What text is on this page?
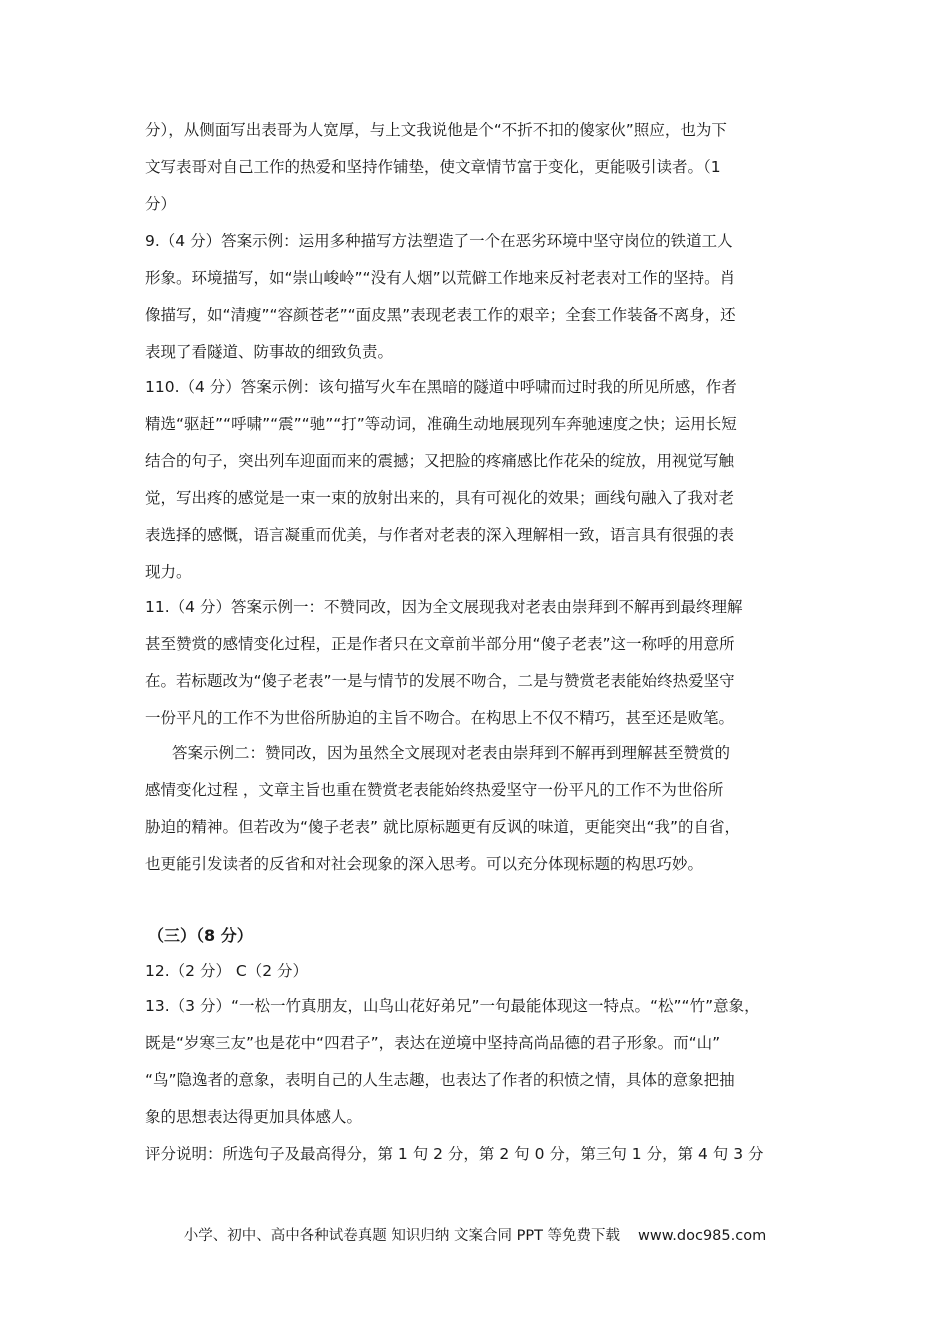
分），从侧面写出表哥为人宽厚，与上文我说他是个“不折不扣的傻家伙”照应，也为下
文写表哥对自己工作的热爱和坚持作铺垫，使文章情节富于变化，更能吸引读者。（1
分）
9.（4 分）答案示例：运用多种描写方法塑造了一个在恶劣环境中坚守岗位的铁道工人
形象。环境描写，如“崇山峻岭”“没有人烟”以荒僻工作地来反衬老表对工作的坚持。肖
像描写，如“清瘦”“容颜苍老”“面皮黑”表现老表工作的艰辛；全套工作装备不离身，还
表现了看隧道、防事故的细致负责。
110.（4 分）答案示例：该句描写火车在黑暗的隧道中呼啸而过时我的所见所感，作者
精选“驱赶”“呼啸”“震”“驰”“打”等动词，准确生动地展现列车奔驰速度之快；运用长短
结合的句子，突出列车迎面而来的震撼；又把脸的疼痛感比作花朵的绽放，用视觉写触
觉，写出疼的感觉是一束一束的放射出来的，具有可视化的效果；画线句融入了我对老
表选择的感慨，语言凝重而优美，与作者对老表的深入理解相一致，语言具有很强的表
现力。
11.（4 分）答案示例一：不赞同改，因为全文展现我对老表由崇拜到不解再到最终理解
甚至赞赏的感情变化过程，正是作者只在文章前半部分用“傻子老表”这一称呼的用意所
在。若标题改为“傻子老表”一是与情节的发展不吻合，二是与赞赏老表能始终热爱坚守
一份平凡的工作不为世俗所胁迫的主旨不吻合。在构思上不仅不精巧，甚至还是败笔。
答案示例二：赞同改，因为虽然全文展现对老表由崇拜到不解再到理解甚至赞赏的
感情变化过程 ，文章主旨也重在赞赏老表能始终热爱坚守一份平凡的工作不为世俗所
胁迫的精神。但若改为“傻子老表” 就比原标题更有反讽的味道，更能突出“我”的自省，
也更能引发读者的反省和对社会现象的深入思考。可以充分体现标题的构思巧妙。
（三）（8 分）
12.（2 分） C（2 分）
13.（3 分）“一松一竹真朋友，山鸟山花好弟兄”一句最能体现这一特点。“松”“竹”意象，
既是“岁寒三友”也是花中“四君子”，表达在逆境中坚持高尚品德的君子形象。而“山”
“鸟”隐逸者的意象，表明自己的人生志趣，也表达了作者的积愤之情，具体的意象把抽
象的思想表达得更加具体感人。
评分说明：所选句子及最高得分，第 1 句 2 分，第 2 句 0 分，第三句 1 分，第 4 句 3 分
小学、初中、高中各种试卷真题 知识归纳 文案合同 PPT 等免费下载 www.doc985.com
